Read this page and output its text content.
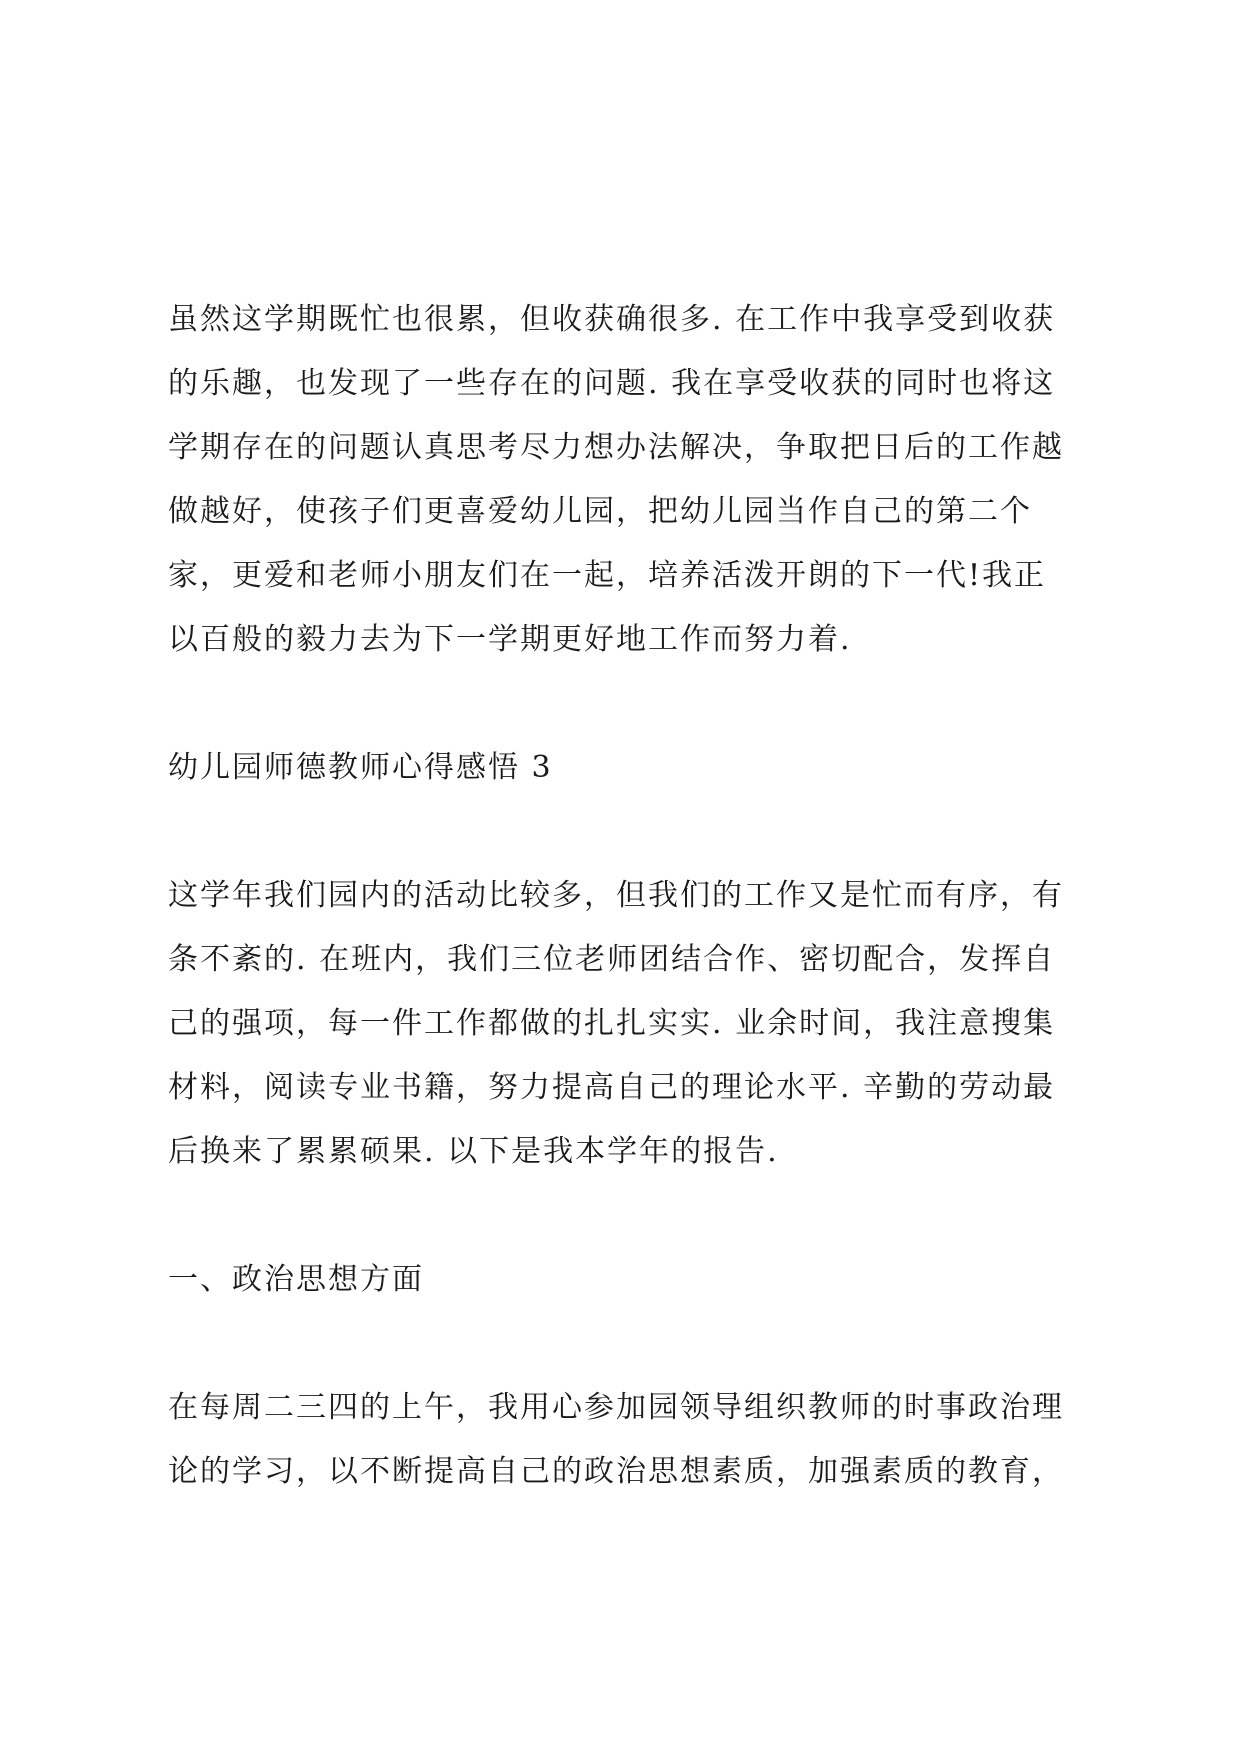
虽然这学期既忙也很累，但收获确很多. 在工作中我享受到收获
的乐趣，也发现了一些存在的问题. 我在享受收获的同时也将这
学期存在的问题认真思考尽力想办法解决，争取把日后的工作越
做越好，使孩子们更喜爱幼儿园，把幼儿园当作自己的第二个
家，更爱和老师小朋友们在一起，培养活泼开朗的下一代!我正
以百般的毅力去为下一学期更好地工作而努力着.
幼儿园师德教师心得感悟 3
这学年我们园内的活动比较多，但我们的工作又是忙而有序，有
条不紊的. 在班内，我们三位老师团结合作、密切配合，发挥自
己的强项，每一件工作都做的扎扎实实. 业余时间，我注意搜集
材料，阅读专业书籍，努力提高自己的理论水平. 辛勤的劳动最
后换来了累累硕果. 以下是我本学年的报告.
一、政治思想方面
在每周二三四的上午，我用心参加园领导组织教师的时事政治理
论的学习，以不断提高自己的政治思想素质，加强素质的教育，
